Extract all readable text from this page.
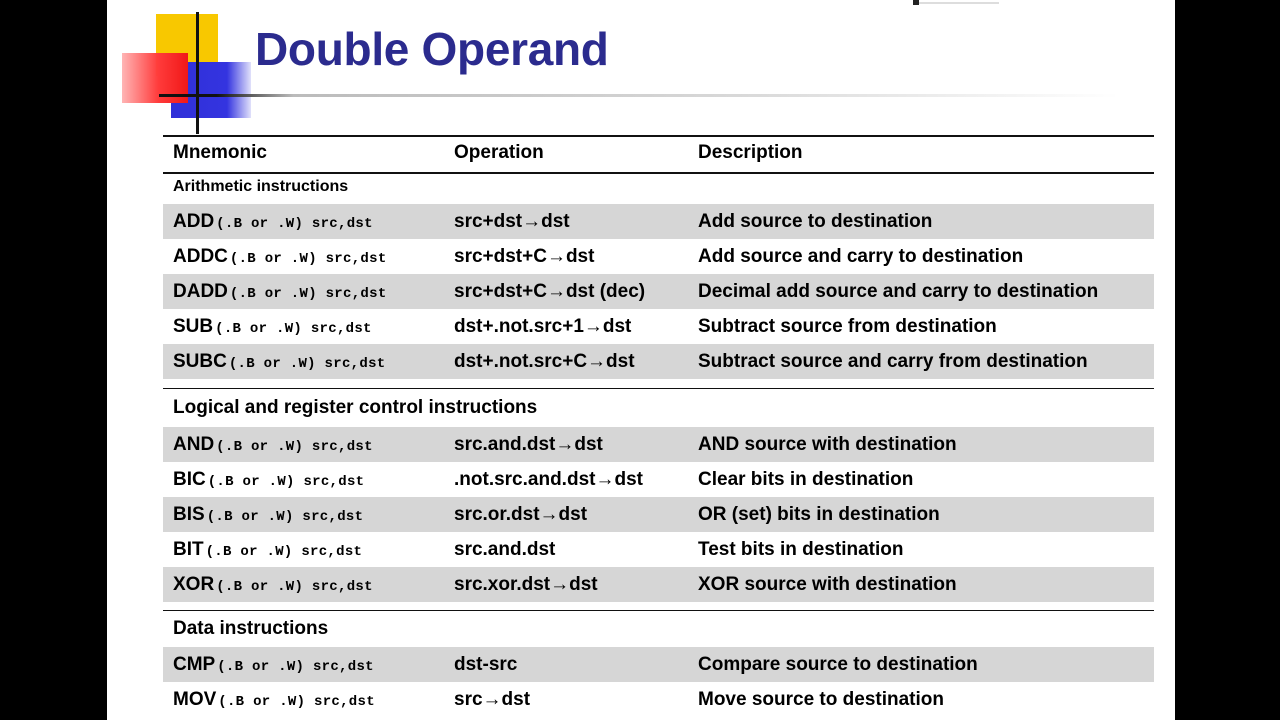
Double Operand
Mnemonic	Operation	Description
Arithmetic instructions
ADD (.B or .W) src,dst	src+dst→dst	Add source to destination
ADDC (.B or .W) src,dst	src+dst+C→dst	Add source and carry to destination
DADD (.B or .W) src,dst	src+dst+C→dst (dec)	Decimal add source and carry to destination
SUB (.B or .W) src,dst	dst+.not.src+1→dst	Subtract source from destination
SUBC (.B or .W) src,dst	dst+.not.src+C→dst	Subtract source and carry from destination
Logical and register control instructions
AND (.B or .W) src,dst	src.and.dst→dst	AND source with destination
BIC (.B or .W) src,dst	.not.src.and.dst→dst	Clear bits in destination
BIS (.B or .W) src,dst	src.or.dst→dst	OR (set) bits in destination
BIT (.B or .W) src,dst	src.and.dst	Test bits in destination
XOR (.B or .W) src,dst	src.xor.dst→dst	XOR source with destination
Data instructions
CMP (.B or .W) src,dst	dst-src	Compare source to destination
MOV (.B or .W) src,dst	src→dst	Move source to destination
